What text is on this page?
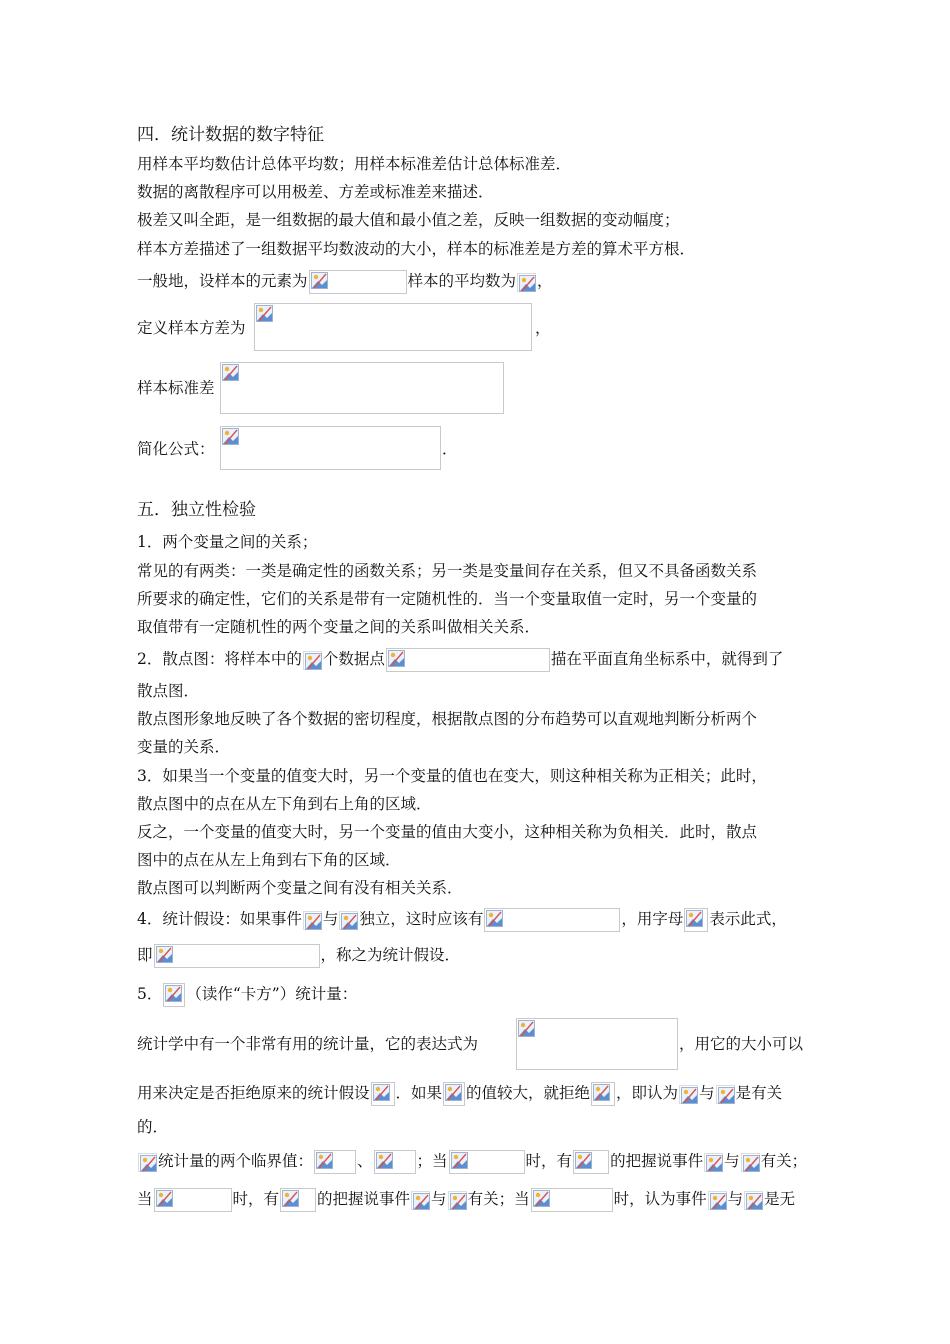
四．统计数据的数字特征
用样本平均数估计总体平均数；用样本标准差估计总体标准差．
数据的离散程序可以用极差、方差或标准差来描述．
极差又叫全距，是一组数据的最大值和最小值之差，反映一组数据的变动幅度；
样本方差描述了一组数据平均数波动的大小，样本的标准差是方差的算术平方根．
一般地，设样本的元素为	样本的平均数为 ，
定义样本方差为	，
样本标准差
简化公式：	．
五．独立性检验
1．两个变量之间的关系；
常见的有两类：一类是确定性的函数关系；另一类是变量间存在关系，但又不具备函数关系
所要求的确定性，它们的关系是带有一定随机性的．当一个变量取值一定时，另一个变量的
取值带有一定随机性的两个变量之间的关系叫做相关关系．
2．散点图：将样本中的 个数据点	描在平面直角坐标系中，就得到了
散点图．
散点图形象地反映了各个数据的密切程度，根据散点图的分布趋势可以直观地判断分析两个
变量的关系．
3．如果当一个变量的值变大时，另一个变量的值也在变大，则这种相关称为正相关；此时，
散点图中的点在从左下角到右上角的区域．
反之，一个变量的值变大时，另一个变量的值由大变小，这种相关称为负相关．此时，散点
图中的点在从左上角到右下角的区域．
散点图可以判断两个变量之间有没有相关关系．
4．统计假设：如果事件 与 独立，这时应该有	，用字母 表示此式，
即	，称之为统计假设．
5． （读作“卡方”）统计量：
统计学中有一个非常有用的统计量，它的表达式为	，用它的大小可以
用来决定是否拒绝原来的统计假设 ．如果 的值较大，就拒绝 ，即认为 与 是有关
的．
统计量的两个临界值：	、	；当	时，有 的把握说事件 与 有关；
当	时，有 的把握说事件 与 有关；当	时，认为事件 与 是无
